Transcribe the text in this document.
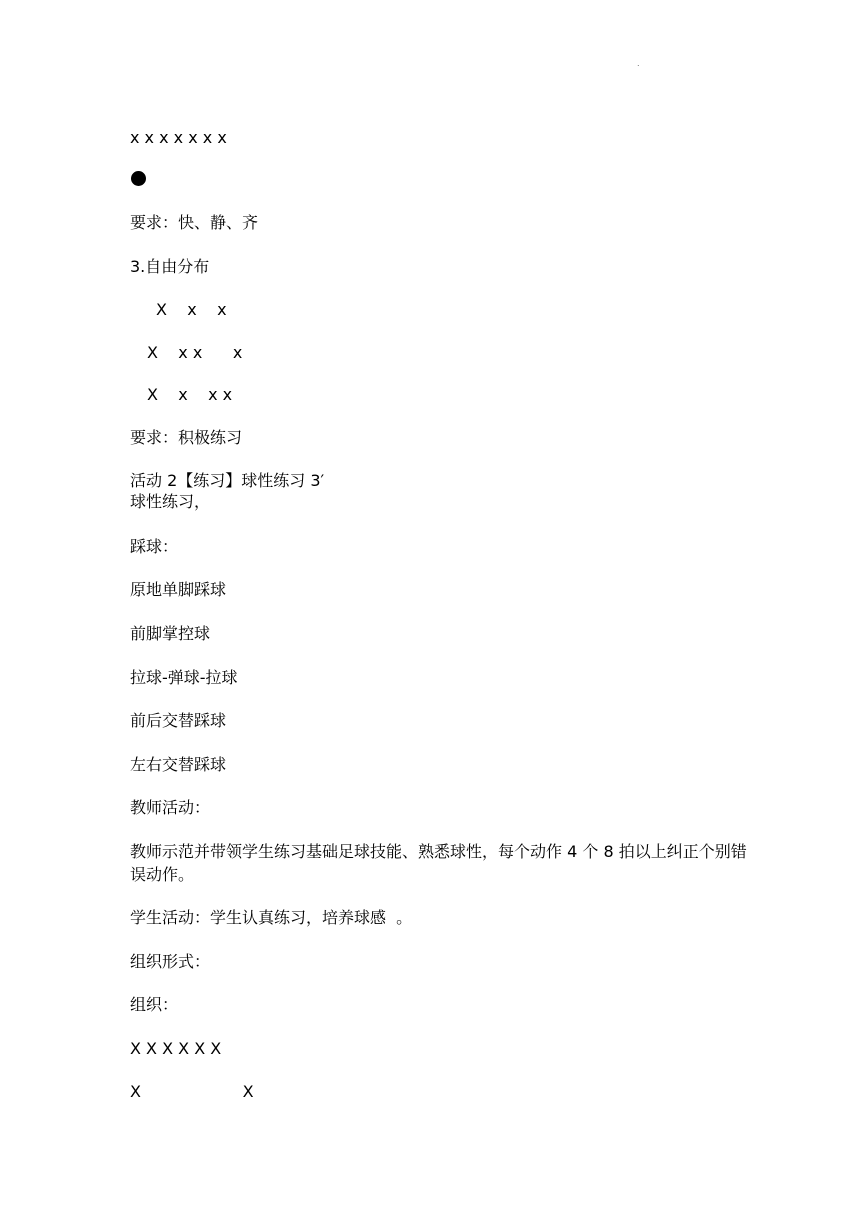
.
x x x x x x x
要求：快、静、齐
3.自由分布
X    x    x
X    x x      x
X    x    x x
要求：积极练习
活动 2【练习】球性练习 3′
球性练习，
踩球：
原地单脚踩球
前脚掌控球
拉球-弹球-拉球
前后交替踩球
左右交替踩球
教师活动：
教师示范并带领学生练习基础足球技能、熟悉球性，每个动作 4 个 8 拍以上纠正个别错误动作。
学生活动：学生认真练习，培养球感  。
组织形式：
组织：
X X X X X X
X                    X
